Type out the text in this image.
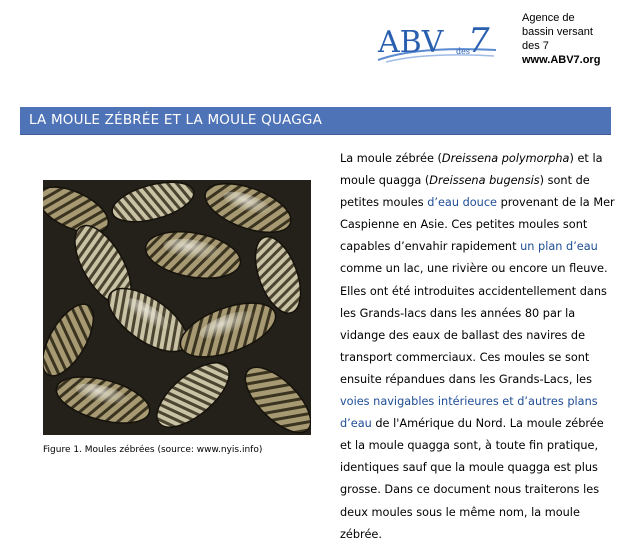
ABV des
7
Agence de
bassin versant
des 7
www.ABV7.org
LA MOULE ZÉBRÉE ET LA MOULE QUAGGA
Figure 1. Moules zébrées (source: www.nyis.info)
La moule zébrée (Dreissena polymorpha) et la
moule quagga (Dreissena bugensis) sont de
petites moules d’eau douce provenant de la Mer
Caspienne en Asie. Ces petites moules sont
capables d’envahir rapidement un plan d’eau
comme un lac, une rivière ou encore un fleuve.
Elles ont été introduites accidentellement dans
les Grands-lacs dans les années 80 par la
vidange des eaux de ballast des navires de
transport commerciaux. Ces moules se sont
ensuite répandues dans les Grands-Lacs, les
voies navigables intérieures et d’autres plans
d’eau de l'Amérique du Nord. La moule zébrée
et la moule quagga sont, à toute fin pratique,
identiques sauf que la moule quagga est plus
grosse. Dans ce document nous traiterons les
deux moules sous le même nom, la moule
zébrée.
